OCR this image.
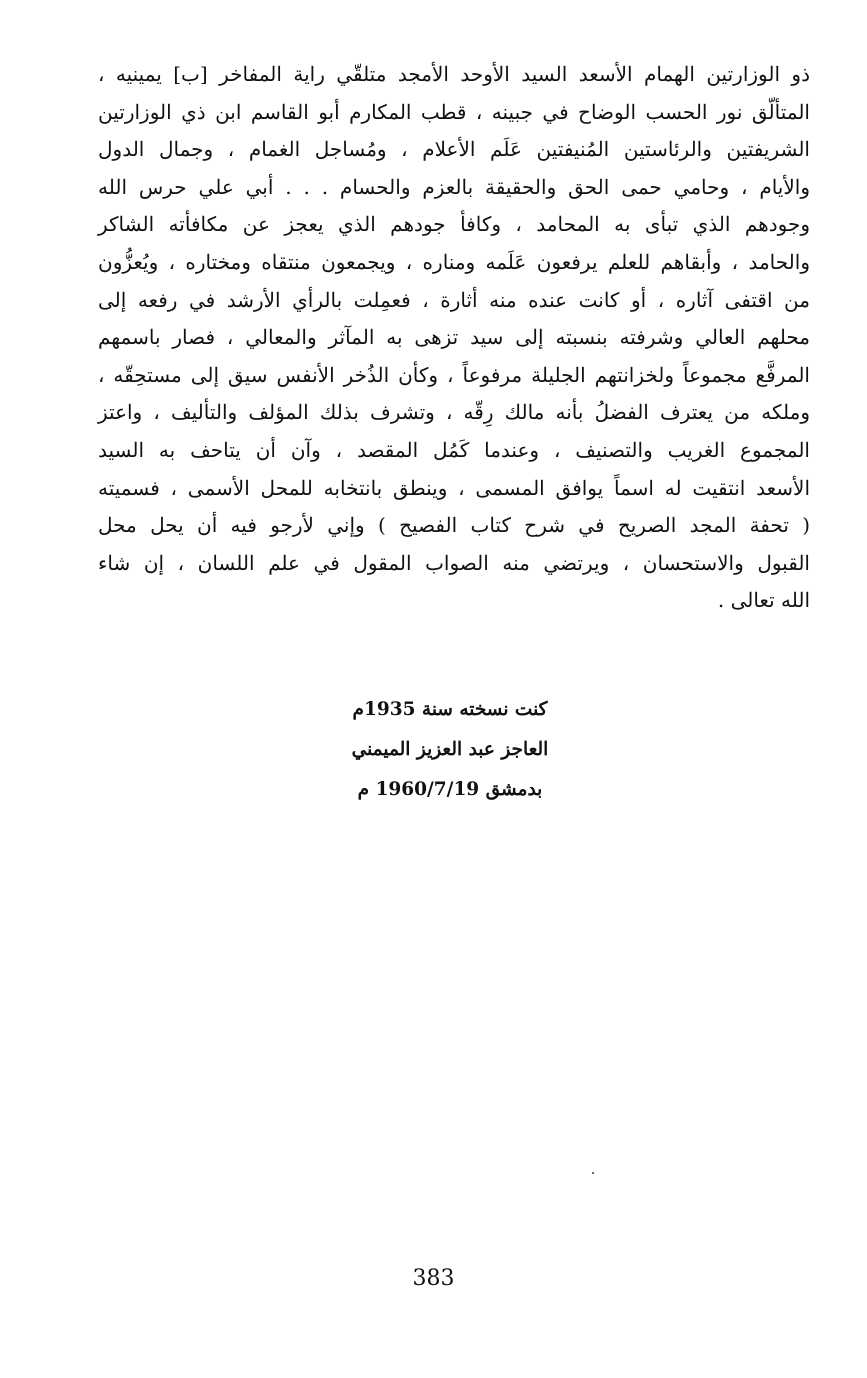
ذو الوزارتين الهمام الأسعد السيد الأوحد الأمجد متلقّي راية المفاخر [ب] يمينيه ،
المتألّق نور الحسب الوضاح في جبينه ، قطب المكارم أبو القاسم ابن ذي الوزارتين
الشريفتين والرئاستين المُنيفتين عَلَم الأعلام ، ومُساجل الغمام ، وجمال الدول
والأيام ، وحامي حمى الحق والحقيقة بالعزم والحسام . . . أبي علي حرس الله
وجودهم الذي تبأى به المحامد ، وكافأ جودهم الذي يعجز عن مكافأته الشاكر
والحامد ، وأبقاهم للعلم يرفعون عَلَمه ومناره ، ويجمعون منتقاه ومختاره ، ويُعزُّون
من اقتفى آثاره ، أو كانت عنده منه أثارة ، فعمِلت بالرأي الأرشد في رفعه إلى
محلهم العالي وشرفته بنسبته إلى سيد تزهى به المآثر والمعالي ، فصار باسمهم
المرفَّع مجموعاً ولخزانتهم الجليلة مرفوعاً ، وكأن الذُخر الأنفس سيق إلى مستحِقّه ،
وملكه من يعترف الفضلُ بأنه مالك رِقّه ، وتشرف بذلك المؤلف والتأليف ، واعتز
المجموع الغريب والتصنيف ، وعندما كَمُل المقصد ، وآن أن يتاحف به السيد
الأسعد انتقيت له اسماً يوافق المسمى ، وينطق بانتخابه للمحل الأسمى ، فسميته
( تحفة المجد الصريح في شرح كتاب الفصيح ) وإني لأرجو فيه أن يحل محل
القبول والاستحسان ، ويرتضي منه الصواب المقول في علم اللسان ، إن شاء
الله تعالى .
كنت نسخته سنة 1935م
العاجز عبد العزيز الميمني
بدمشق 1960/7/19 م
383
